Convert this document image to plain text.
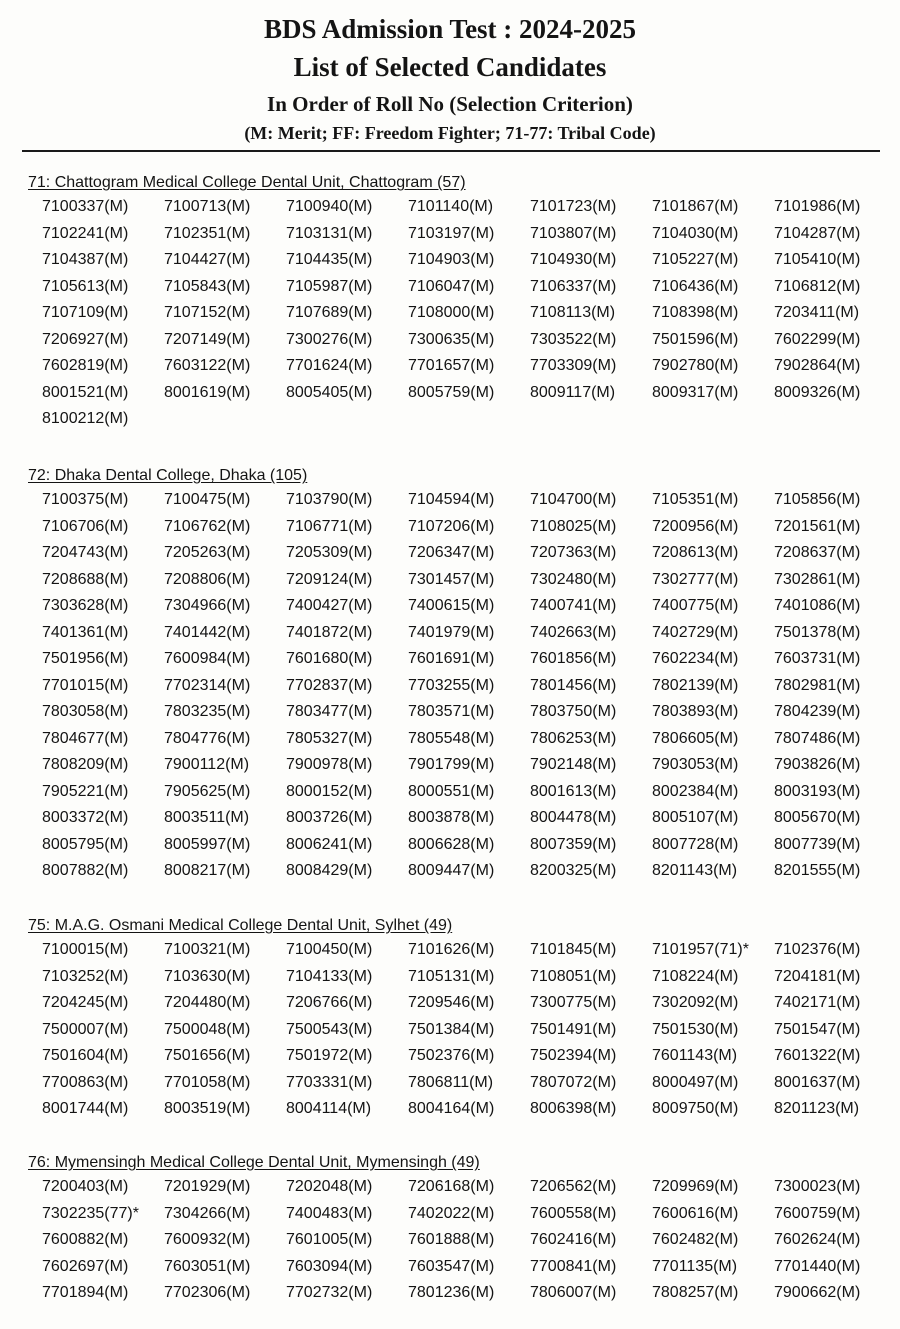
BDS Admission Test : 2024-2025
List of Selected Candidates
In Order of Roll No (Selection Criterion)
(M: Merit; FF: Freedom Fighter; 71-77: Tribal Code)
71: Chattogram Medical College Dental Unit, Chattogram (57)
7100337(M)	7100713(M)	7100940(M)	7101140(M)	7101723(M)	7101867(M)	7101986(M)
7102241(M)	7102351(M)	7103131(M)	7103197(M)	7103807(M)	7104030(M)	7104287(M)
7104387(M)	7104427(M)	7104435(M)	7104903(M)	7104930(M)	7105227(M)	7105410(M)
7105613(M)	7105843(M)	7105987(M)	7106047(M)	7106337(M)	7106436(M)	7106812(M)
7107109(M)	7107152(M)	7107689(M)	7108000(M)	7108113(M)	7108398(M)	7203411(M)
7206927(M)	7207149(M)	7300276(M)	7300635(M)	7303522(M)	7501596(M)	7602299(M)
7602819(M)	7603122(M)	7701624(M)	7701657(M)	7703309(M)	7902780(M)	7902864(M)
8001521(M)	8001619(M)	8005405(M)	8005759(M)	8009117(M)	8009317(M)	8009326(M)
8100212(M)
72: Dhaka Dental College, Dhaka (105)
7100375(M)	7100475(M)	7103790(M)	7104594(M)	7104700(M)	7105351(M)	7105856(M)
7106706(M)	7106762(M)	7106771(M)	7107206(M)	7108025(M)	7200956(M)	7201561(M)
7204743(M)	7205263(M)	7205309(M)	7206347(M)	7207363(M)	7208613(M)	7208637(M)
7208688(M)	7208806(M)	7209124(M)	7301457(M)	7302480(M)	7302777(M)	7302861(M)
7303628(M)	7304966(M)	7400427(M)	7400615(M)	7400741(M)	7400775(M)	7401086(M)
7401361(M)	7401442(M)	7401872(M)	7401979(M)	7402663(M)	7402729(M)	7501378(M)
7501956(M)	7600984(M)	7601680(M)	7601691(M)	7601856(M)	7602234(M)	7603731(M)
7701015(M)	7702314(M)	7702837(M)	7703255(M)	7801456(M)	7802139(M)	7802981(M)
7803058(M)	7803235(M)	7803477(M)	7803571(M)	7803750(M)	7803893(M)	7804239(M)
7804677(M)	7804776(M)	7805327(M)	7805548(M)	7806253(M)	7806605(M)	7807486(M)
7808209(M)	7900112(M)	7900978(M)	7901799(M)	7902148(M)	7903053(M)	7903826(M)
7905221(M)	7905625(M)	8000152(M)	8000551(M)	8001613(M)	8002384(M)	8003193(M)
8003372(M)	8003511(M)	8003726(M)	8003878(M)	8004478(M)	8005107(M)	8005670(M)
8005795(M)	8005997(M)	8006241(M)	8006628(M)	8007359(M)	8007728(M)	8007739(M)
8007882(M)	8008217(M)	8008429(M)	8009447(M)	8200325(M)	8201143(M)	8201555(M)
75: M.A.G. Osmani Medical College Dental Unit, Sylhet (49)
7100015(M)	7100321(M)	7100450(M)	7101626(M)	7101845(M)	7101957(71)*	7102376(M)
7103252(M)	7103630(M)	7104133(M)	7105131(M)	7108051(M)	7108224(M)	7204181(M)
7204245(M)	7204480(M)	7206766(M)	7209546(M)	7300775(M)	7302092(M)	7402171(M)
7500007(M)	7500048(M)	7500543(M)	7501384(M)	7501491(M)	7501530(M)	7501547(M)
7501604(M)	7501656(M)	7501972(M)	7502376(M)	7502394(M)	7601143(M)	7601322(M)
7700863(M)	7701058(M)	7703331(M)	7806811(M)	7807072(M)	8000497(M)	8001637(M)
8001744(M)	8003519(M)	8004114(M)	8004164(M)	8006398(M)	8009750(M)	8201123(M)
76: Mymensingh Medical College Dental Unit, Mymensingh (49)
7200403(M)	7201929(M)	7202048(M)	7206168(M)	7206562(M)	7209969(M)	7300023(M)
7302235(77)*	7304266(M)	7400483(M)	7402022(M)	7600558(M)	7600616(M)	7600759(M)
7600882(M)	7600932(M)	7601005(M)	7601888(M)	7602416(M)	7602482(M)	7602624(M)
7602697(M)	7603051(M)	7603094(M)	7603547(M)	7700841(M)	7701135(M)	7701440(M)
7701894(M)	7702306(M)	7702732(M)	7801236(M)	7806007(M)	7808257(M)	7900662(M)
